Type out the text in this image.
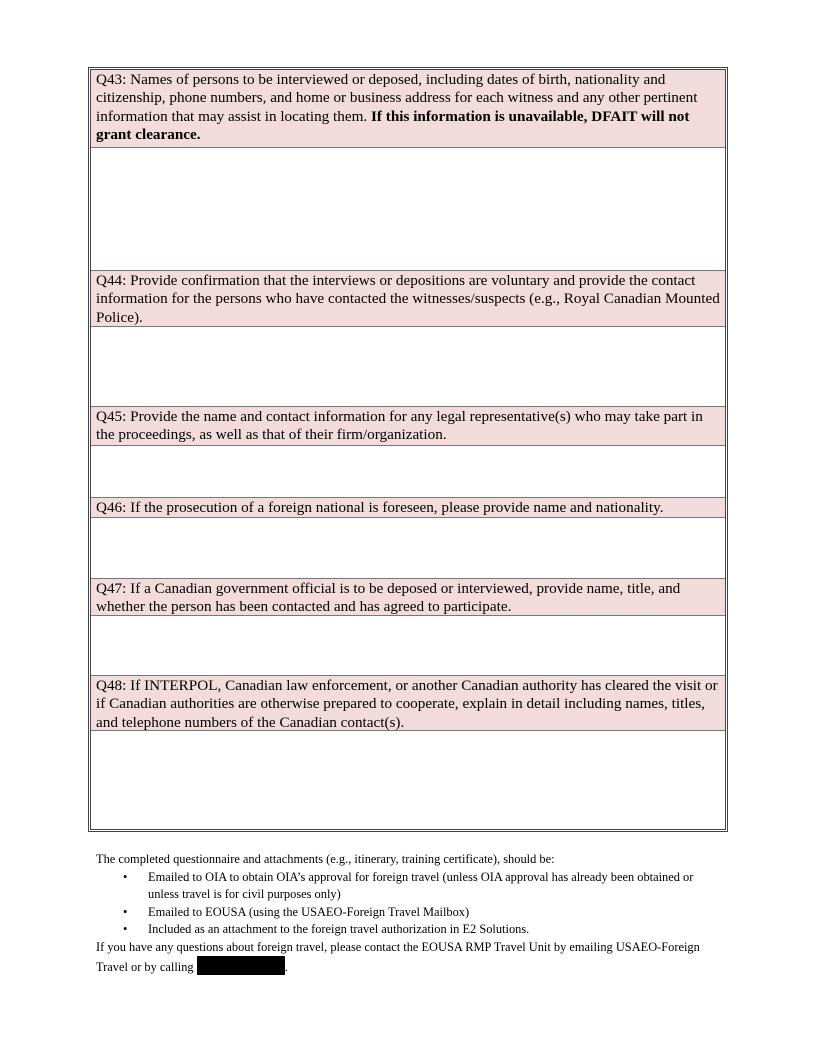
Q43: Names of persons to be interviewed or deposed, including dates of birth, nationality and citizenship, phone numbers, and home or business address for each witness and any other pertinent information that may assist in locating them. If this information is unavailable, DFAIT will not grant clearance.
Q44: Provide confirmation that the interviews or depositions are voluntary and provide the contact information for the persons who have contacted the witnesses/suspects (e.g., Royal Canadian Mounted Police).
Q45: Provide the name and contact information for any legal representative(s) who may take part in the proceedings, as well as that of their firm/organization.
Q46: If the prosecution of a foreign national is foreseen, please provide name and nationality.
Q47: If a Canadian government official is to be deposed or interviewed, provide name, title, and whether the person has been contacted and has agreed to participate.
Q48: If INTERPOL, Canadian law enforcement, or another Canadian authority has cleared the visit or if Canadian authorities are otherwise prepared to cooperate, explain in detail including names, titles, and telephone numbers of the Canadian contact(s).

The completed questionnaire and attachments (e.g., itinerary, training certificate), should be:

• Emailed to OIA to obtain OIA’s approval for foreign travel (unless OIA approval has already been obtained or unless travel is for civil purposes only)
• Emailed to EOUSA (using the USAEO-Foreign Travel Mailbox)
• Included as an attachment to the foreign travel authorization in E2 Solutions.

If you have any questions about foreign travel, please contact the EOUSA RMP Travel Unit by emailing USAEO-Foreign Travel or by calling	.
